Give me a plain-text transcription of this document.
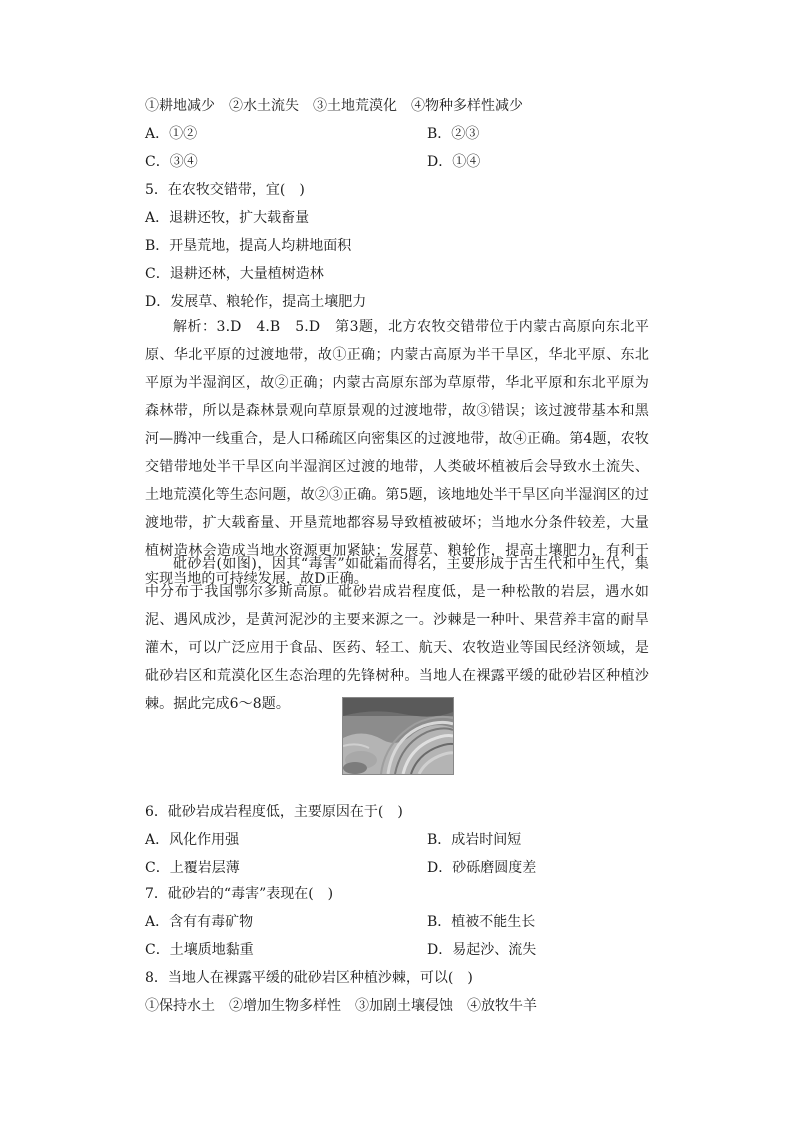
①耕地减少　②水土流失　③土地荒漠化　④物种多样性减少
A．①②	B．②③
C．③④	D．①④
5．在农牧交错带，宜(　)
A．退耕还牧，扩大载畜量
B．开垦荒地，提高人均耕地面积
C．退耕还林，大量植树造林
D．发展草、粮轮作，提高土壤肥力
解析：3.D　4.B　5.D　第3题，北方农牧交错带位于内蒙古高原向东北平原、华北平原的过渡地带，故①正确；内蒙古高原为半干旱区，华北平原、东北平原为半湿润区，故②正确；内蒙古高原东部为草原带，华北平原和东北平原为森林带，所以是森林景观向草原景观的过渡地带，故③错误；该过渡带基本和黑河—腾冲一线重合，是人口稀疏区向密集区的过渡地带，故④正确。第4题，农牧交错带地处半干旱区向半湿润区过渡的地带，人类破坏植被后会导致水土流失、土地荒漠化等生态问题，故②③正确。第5题，该地地处半干旱区向半湿润区的过渡地带，扩大载畜量、开垦荒地都容易导致植被破坏；当地水分条件较差，大量植树造林会造成当地水资源更加紧缺；发展草、粮轮作，提高土壤肥力，有利于实现当地的可持续发展，故D正确。
砒砂岩(如图)，因其“毒害”如砒霜而得名，主要形成于古生代和中生代，集中分布于我国鄂尔多斯高原。砒砂岩成岩程度低，是一种松散的岩层，遇水如泥、遇风成沙，是黄河泥沙的主要来源之一。沙棘是一种叶、果营养丰富的耐旱灌木，可以广泛应用于食品、医药、轻工、航天、农牧造业等国民经济领域，是砒砂岩区和荒漠化区生态治理的先锋树种。当地人在裸露平缓的砒砂岩区种植沙棘。据此完成6～8题。
6．砒砂岩成岩程度低，主要原因在于(　)
A．风化作用强	B．成岩时间短
C．上覆岩层薄	D．砂砾磨圆度差
7．砒砂岩的“毒害”表现在(　)
A．含有有毒矿物	B．植被不能生长
C．土壤质地黏重	D．易起沙、流失
8．当地人在裸露平缓的砒砂岩区种植沙棘，可以(　)
①保持水土　②增加生物多样性　③加剧土壤侵蚀　④放牧牛羊
